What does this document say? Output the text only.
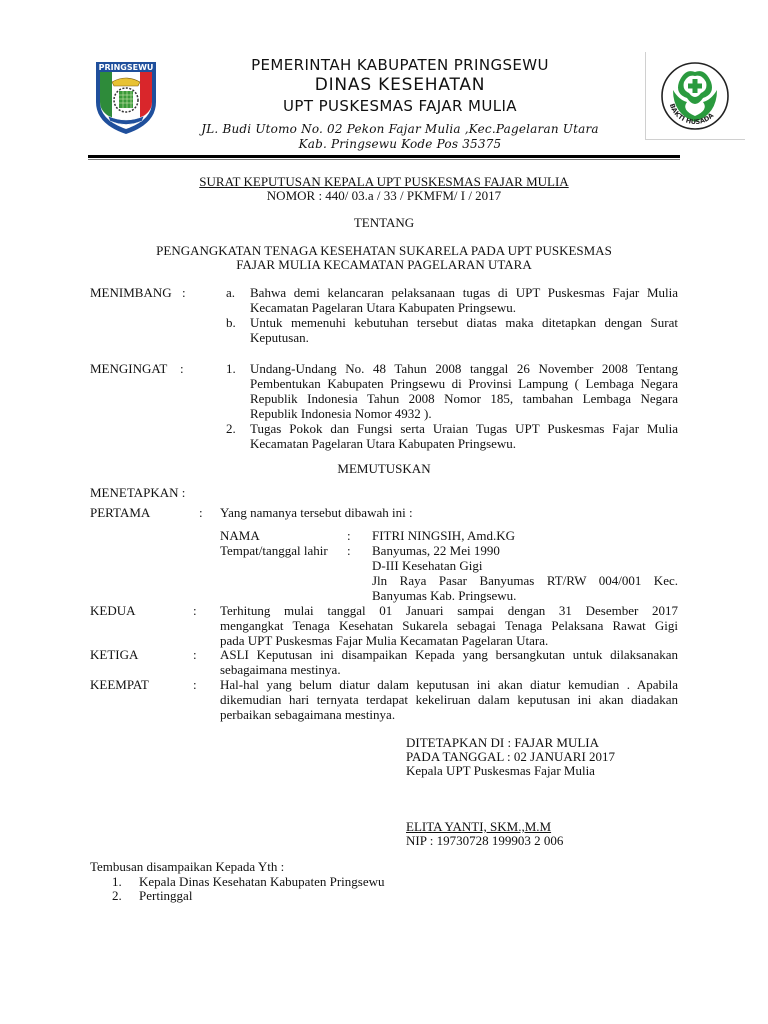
PRINGSEWU	PEMERINTAH KABUPATEN PRINGSEWU
DINAS KESEHATAN
UPT PUSKESMAS FAJAR MULIA
JL. Budi Utomo No. 02 Pekon Fajar Mulia ,Kec.Pagelaran Utara
Kab. Pringsewu Kode Pos 35375
BAKTI HUSADA
SURAT KEPUTUSAN KEPALA UPT PUSKESMAS FAJAR MULIA
NOMOR : 440/ 03.a / 33 / PKMFM/ I / 2017
TENTANG
PENGANGKATAN TENAGA KESEHATAN SUKARELA PADA UPT PUSKESMAS
FAJAR MULIA KECAMATAN PAGELARAN UTARA
MENIMBANG :	a. Bahwa demi kelancaran pelaksanaan tugas di UPT Puskesmas Fajar Mulia
Kecamatan Pagelaran Utara Kabupaten Pringsewu.
b. Untuk memenuhi kebutuhan tersebut diatas maka ditetapkan dengan Surat
Keputusan.
MENGINGAT :	1. Undang-Undang No. 48 Tahun 2008 tanggal 26 November 2008 Tentang
Pembentukan Kabupaten Pringsewu di Provinsi Lampung ( Lembaga Negara
Republik Indonesia Tahun 2008 Nomor 185, tambahan Lembaga Negara
Republik Indonesia Nomor 4932 ).
2. Tugas Pokok dan Fungsi serta Uraian Tugas UPT Puskesmas Fajar Mulia
Kecamatan Pagelaran Utara Kabupaten Pringsewu.
MEMUTUSKAN
MENETAPKAN :
PERTAMA	: Yang namanya tersebut dibawah ini :
NAMA	: FITRI NINGSIH, Amd.KG
Tempat/tanggal lahir : Banyumas, 22 Mei 1990
D-III Kesehatan Gigi
Jln Raya Pasar Banyumas RT/RW 004/001 Kec.
Banyumas Kab. Pringsewu.
KEDUA	: Terhitung mulai tanggal 01 Januari sampai dengan 31 Desember 2017
mengangkat Tenaga Kesehatan Sukarela sebagai Tenaga Pelaksana Rawat Gigi
pada UPT Puskesmas Fajar Mulia Kecamatan Pagelaran Utara.
KETIGA	: ASLI Keputusan ini disampaikan Kepada yang bersangkutan untuk dilaksanakan
sebagaimana mestinya.
KEEMPAT	: Hal-hal yang belum diatur dalam keputusan ini akan diatur kemudian . Apabila
dikemudian hari ternyata terdapat kekeliruan dalam keputusan ini akan diadakan
perbaikan sebagaimana mestinya.
DITETAPKAN DI : FAJAR MULIA
PADA TANGGAL : 02 JANUARI 2017
Kepala UPT Puskesmas Fajar Mulia
ELITA YANTI, SKM.,M.M
NIP : 19730728 199903 2 006
Tembusan disampaikan Kepada Yth :
1. Kepala Dinas Kesehatan Kabupaten Pringsewu
2. Pertinggal
